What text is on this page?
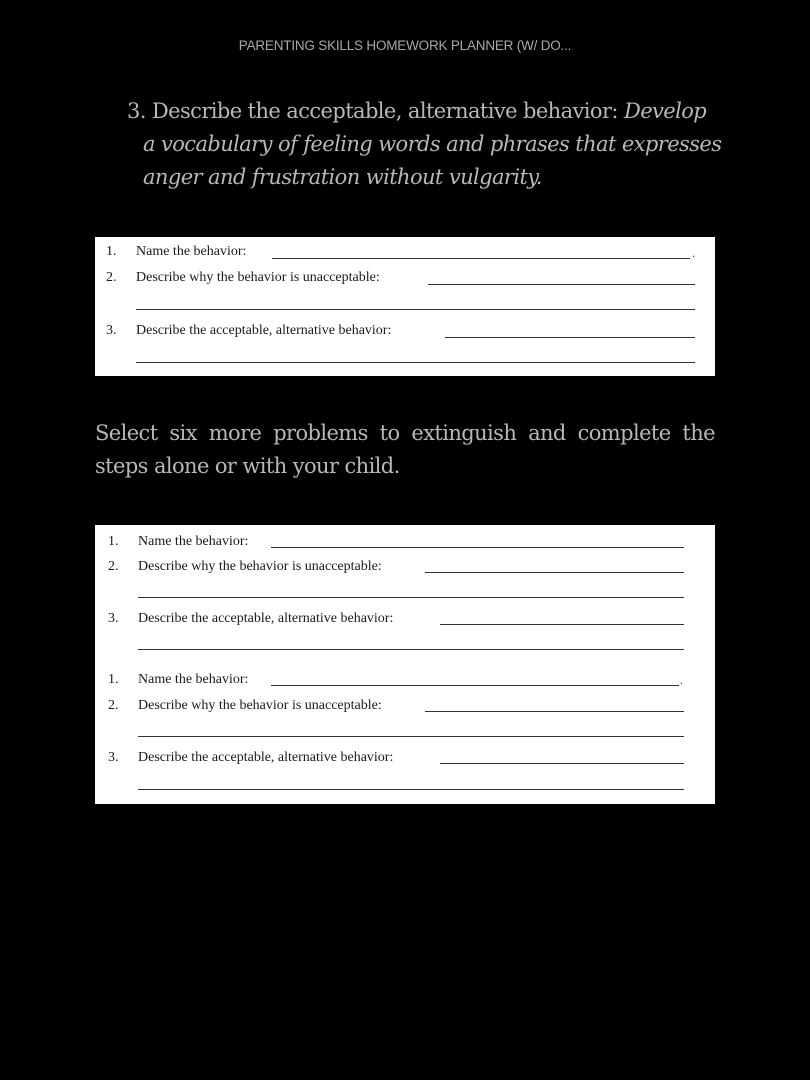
PARENTING SKILLS HOMEWORK PLANNER (W/ DO...
3. Describe the acceptable, alternative behavior: Develop
a vocabulary of feeling words and phrases that expresses
anger and frustration without vulgarity.
1. Name the behavior:	.
2. Describe why the behavior is unacceptable:
3. Describe the acceptable, alternative behavior:
Select six more problems to extinguish and complete the steps alone or with your child.
1. Name the behavior:
2. Describe why the behavior is unacceptable:
3. Describe the acceptable, alternative behavior:
1. Name the behavior:	.
2. Describe why the behavior is unacceptable:
3. Describe the acceptable, alternative behavior:
